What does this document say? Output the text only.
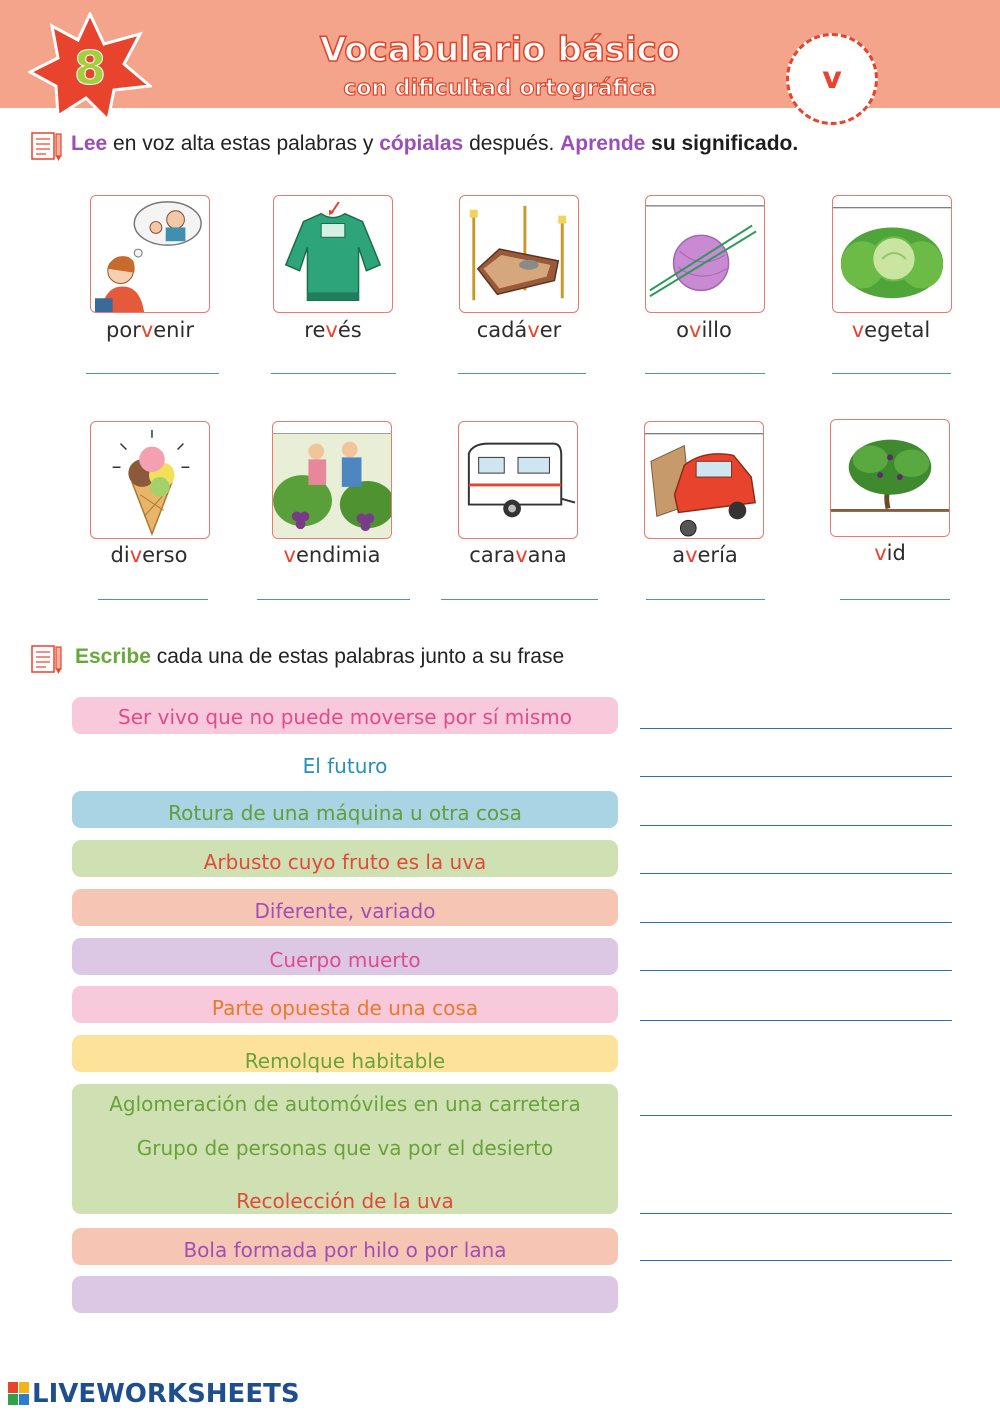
8	Vocabulario básico
con dificultad ortográfica	v
Lee en voz alta estas palabras y cópialas después. Aprende su significado.
porvenir	revés	cadáver	ovillo	vegetal
diverso	vendimia	caravana	avería	vid
Escribe cada una de estas palabras junto a su frase
Ser vivo que no puede moverse por sí mismo
El futuro
Rotura de una máquina u otra cosa
Arbusto cuyo fruto es la uva
Diferente, variado
Cuerpo muerto
Parte opuesta de una cosa
Remolque habitable
Aglomeración de automóviles en una carretera
Grupo de personas que va por el desierto
Recolección de la uva
Bola formada por hilo o por lana
LIVEWORKSHEETS
